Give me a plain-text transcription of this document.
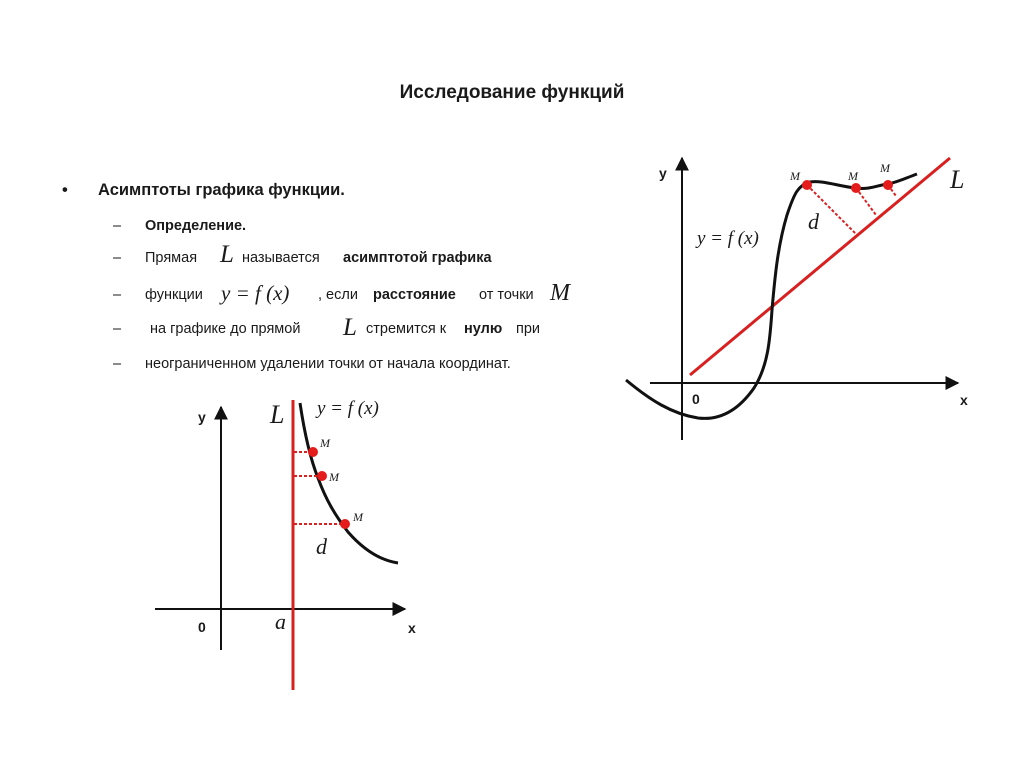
Исследование функций
• Асимптоты графика функции.
– Определение.
– Прямая L называется асимптотой графика
– функции y = f (x) , если расстояние от точки M
– на графике до прямой L стремится к нулю при
– неограниченном удалении точки от начала координат.
y
x
0
L y = f (x)
M
M
M
d
a
y
x
0
L
y = f (x)
M	M
M
d
